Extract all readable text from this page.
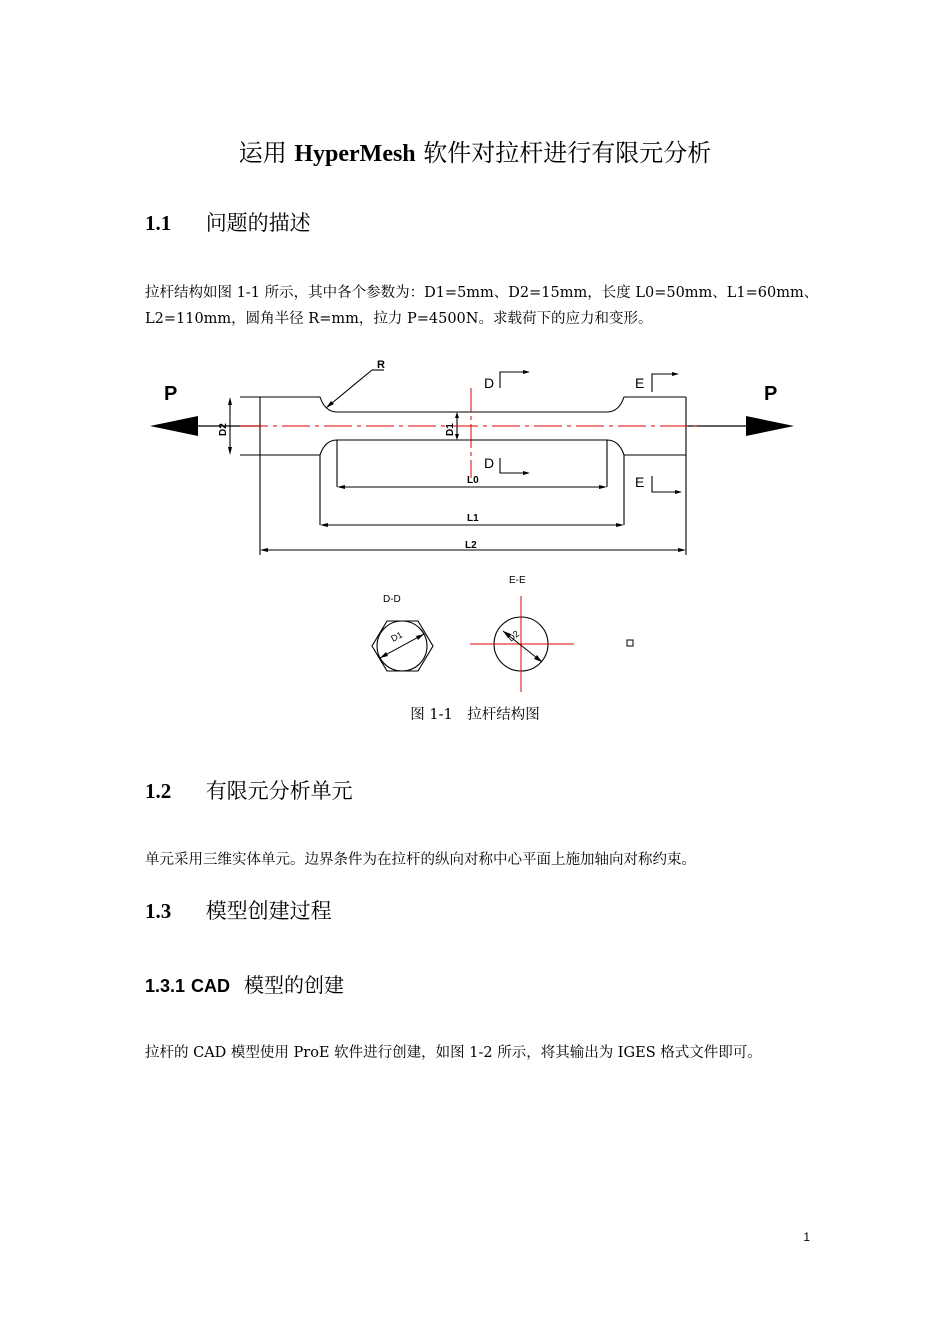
运用 HyperMesh 软件对拉杆进行有限元分析
1.1 问题的描述
拉杆结构如图 1-1 所示，其中各个参数为：D1=5mm、D2=15mm，长度 L0=50mm、L1=60mm、
L2=110mm，圆角半径 R=mm，拉力 P=4500N。求载荷下的应力和变形。
P	P
R
D
D
E
E
D2	D1
L0
L1
L2
D-D
E-E
D1	D2
图 1-1　拉杆结构图
1.2 有限元分析单元
单元采用三维实体单元。边界条件为在拉杆的纵向对称中心平面上施加轴向对称约束。
1.3 模型创建过程
1.3.1 CAD 模型的创建
拉杆的 CAD 模型使用 ProE 软件进行创建，如图 1-2 所示，将其输出为 IGES 格式文件即可。
1
